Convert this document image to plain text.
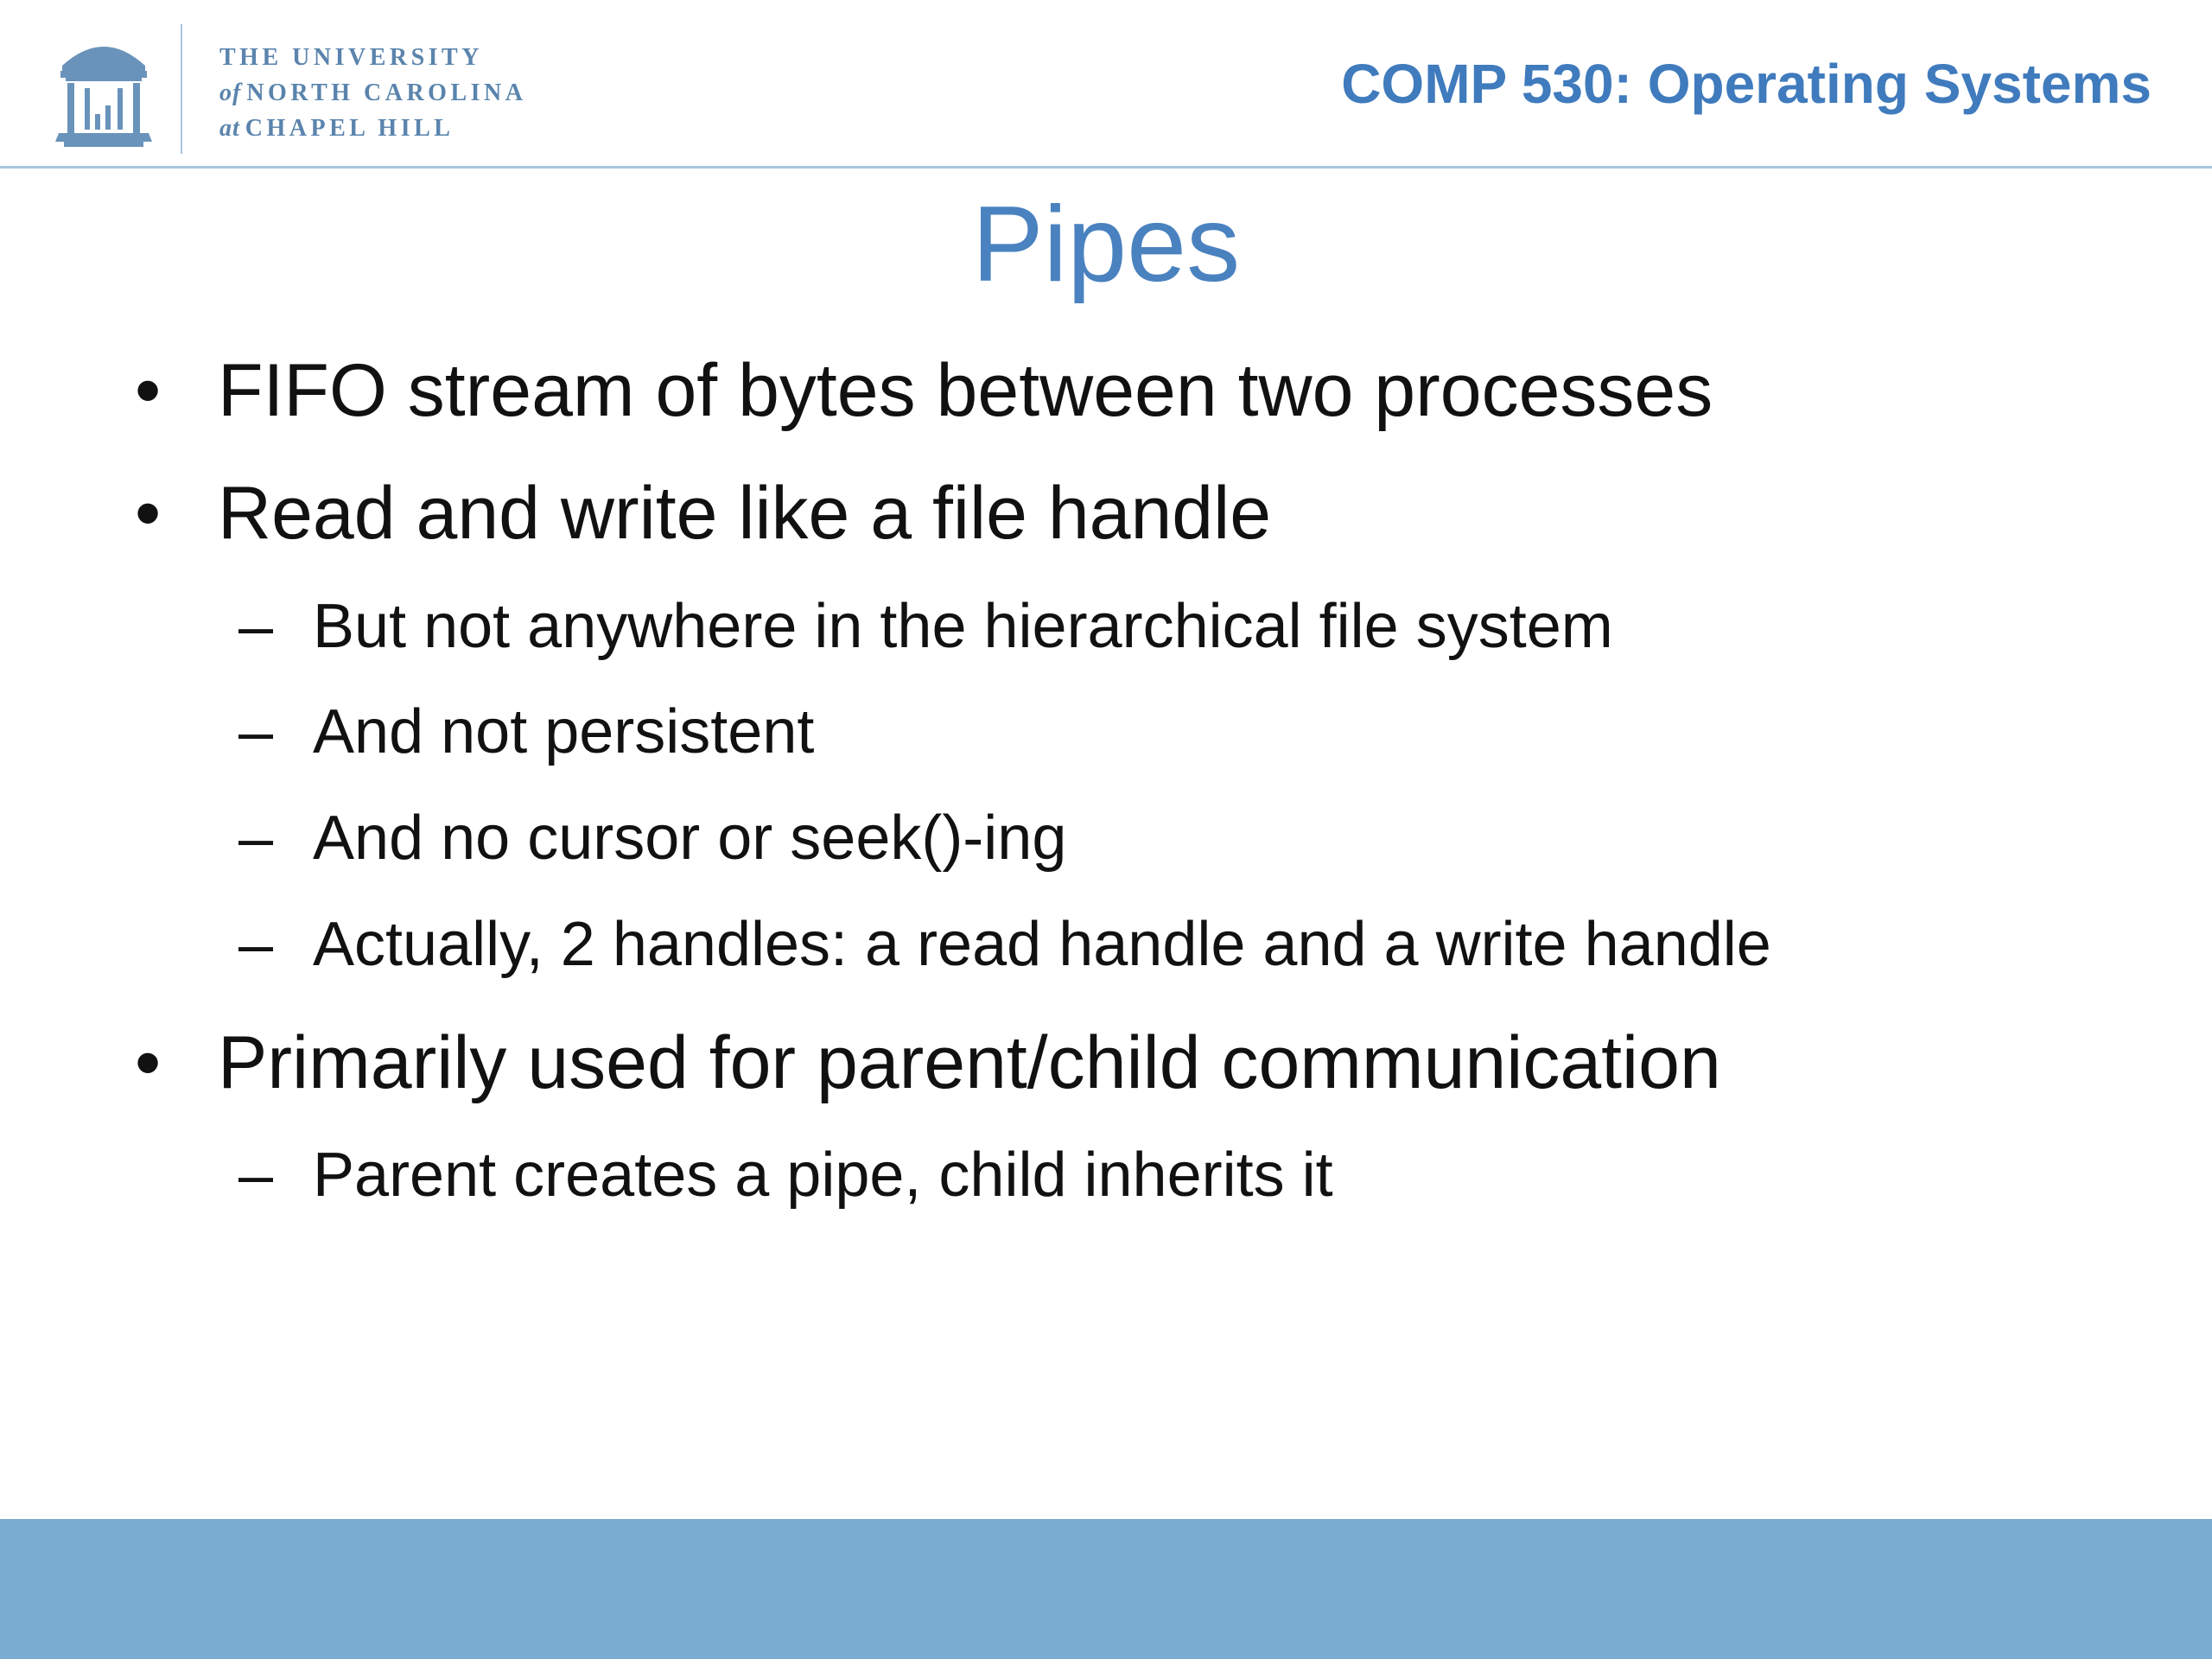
THE UNIVERSITY
of NORTH CAROLINA
at CHAPEL HILL
COMP 530: Operating Systems
Pipes
• FIFO stream of bytes between two processes
• Read and write like a file handle
– But not anywhere in the hierarchical file system
– And not persistent
– And no cursor or seek()-ing
– Actually, 2 handles: a read handle and a write handle
• Primarily used for parent/child communication
– Parent creates a pipe, child inherits it
